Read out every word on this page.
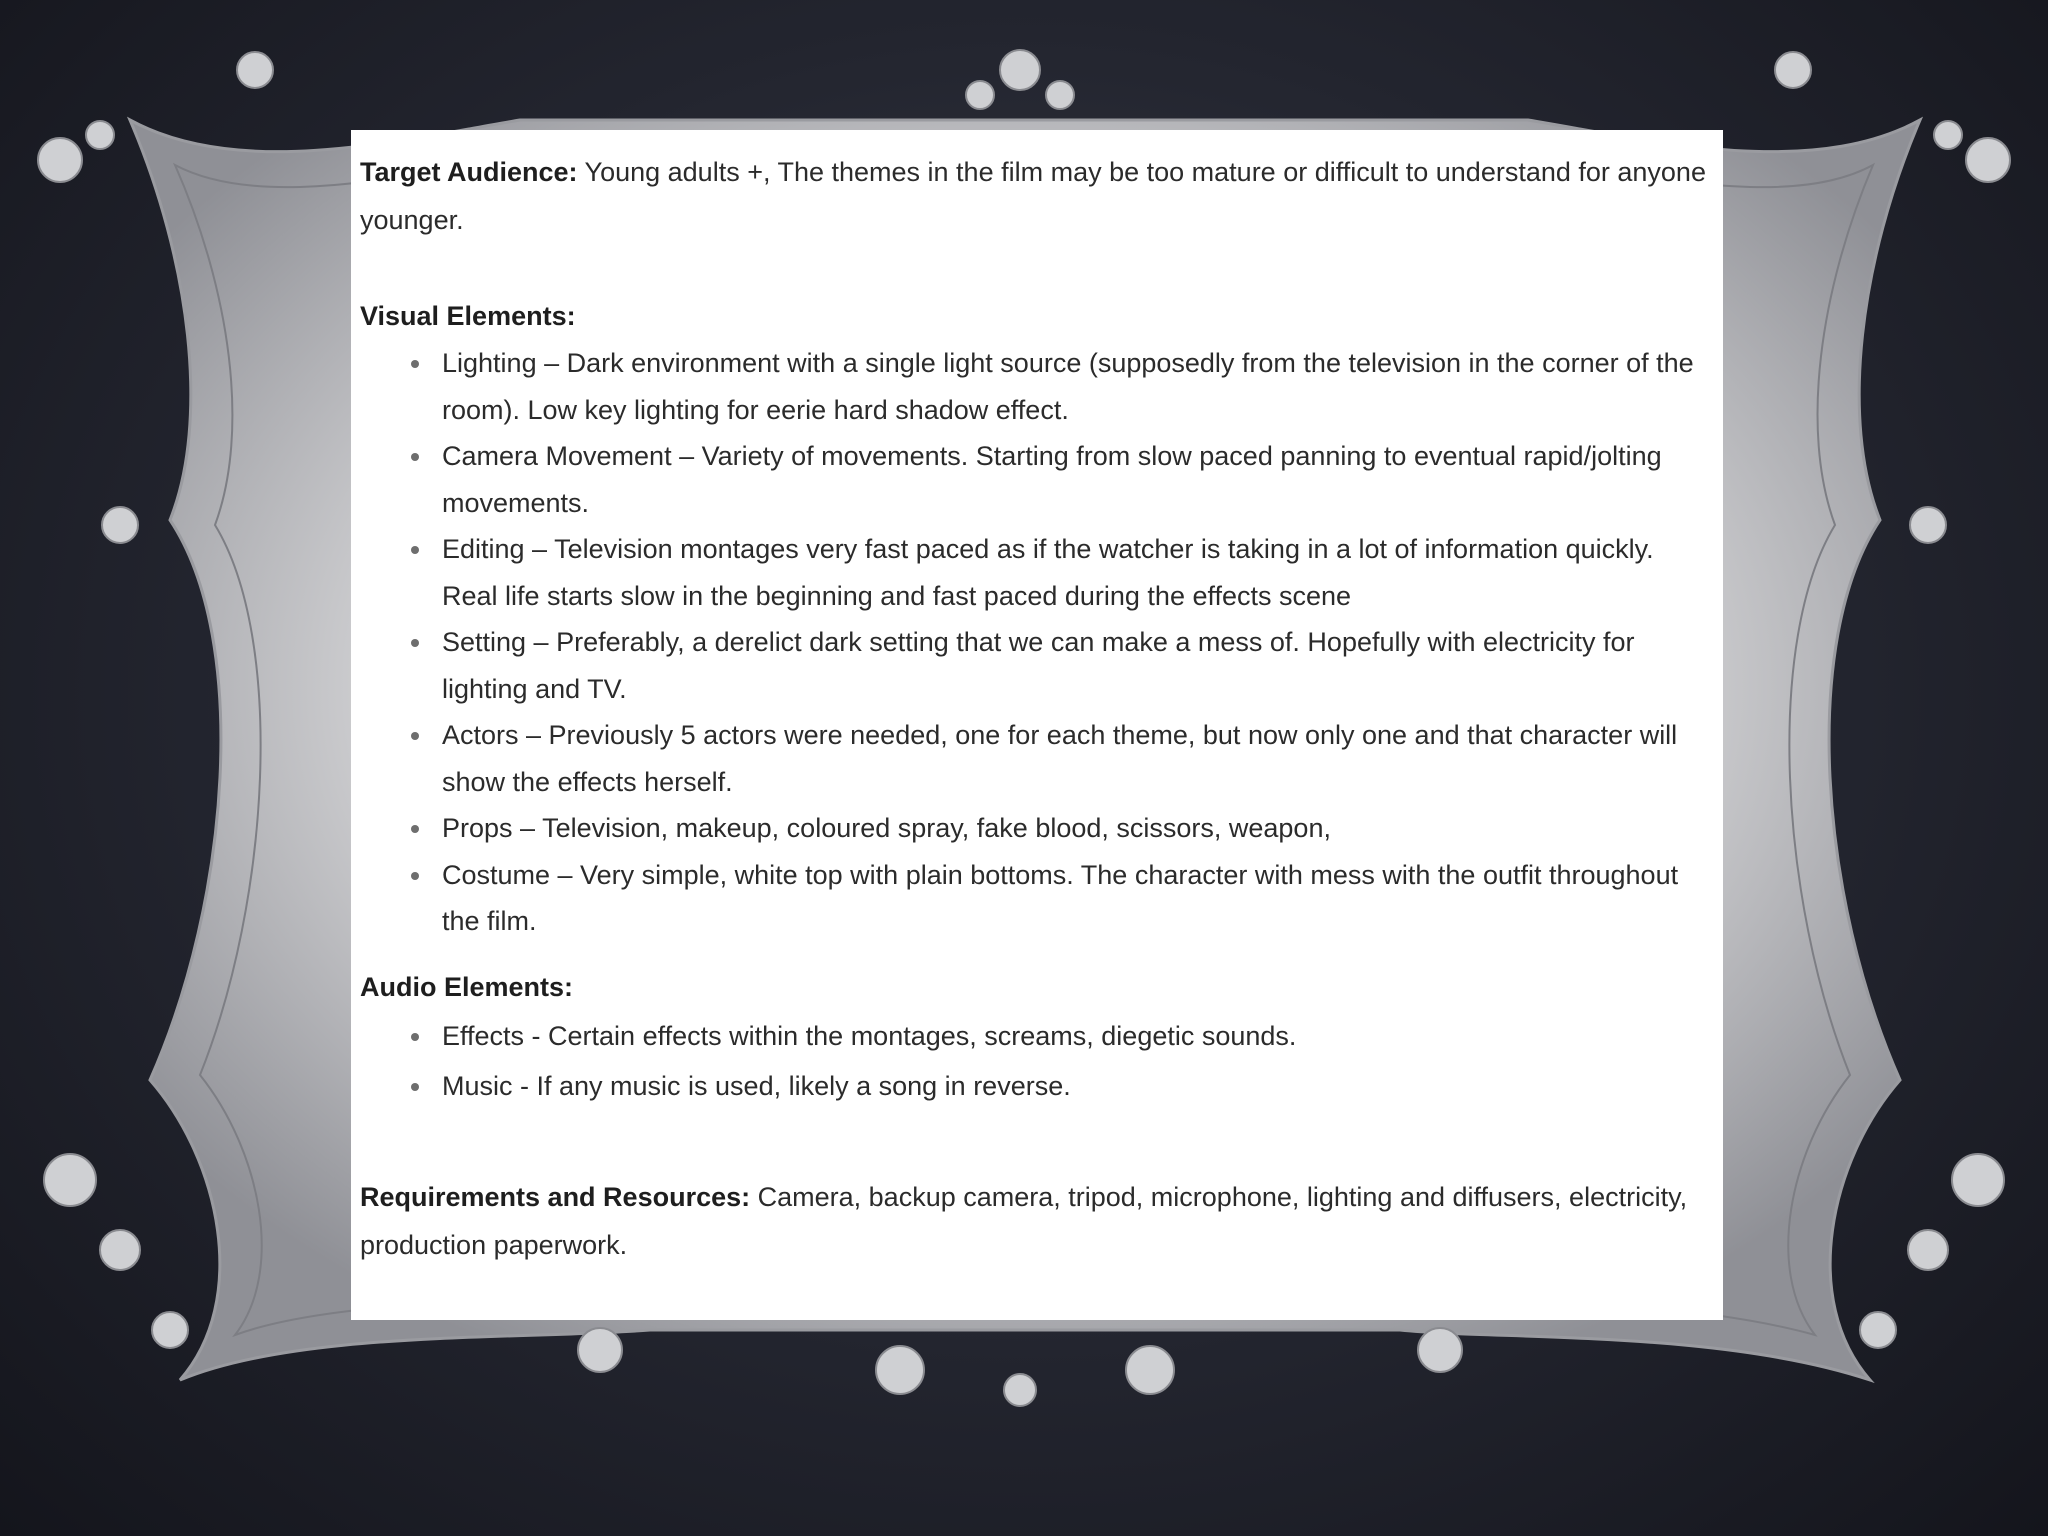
Target Audience: Young adults +, The themes in the film may be too mature or difficult to understand for anyone younger.

Visual Elements:

Lighting – Dark environment with a single light source (supposedly from the television in the corner of the room). Low key lighting for eerie hard shadow effect.
Camera Movement – Variety of movements. Starting from slow paced panning to eventual rapid/jolting movements.
Editing – Television montages very fast paced as if the watcher is taking in a lot of information quickly. Real life starts slow in the beginning and fast paced during the effects scene
Setting – Preferably, a derelict dark setting that we can make a mess of. Hopefully with electricity for lighting and TV.
Actors – Previously 5 actors were needed, one for each theme, but now only one and that character will show the effects herself.
Props – Television, makeup, coloured spray, fake blood, scissors, weapon,
Costume – Very simple, white top with plain bottoms. The character with mess with the outfit throughout the film.

Audio Elements:

Effects - Certain effects within the montages, screams, diegetic sounds.
Music - If any music is used, likely a song in reverse.

Requirements and Resources: Camera, backup camera, tripod, microphone, lighting and diffusers, electricity, production paperwork.
